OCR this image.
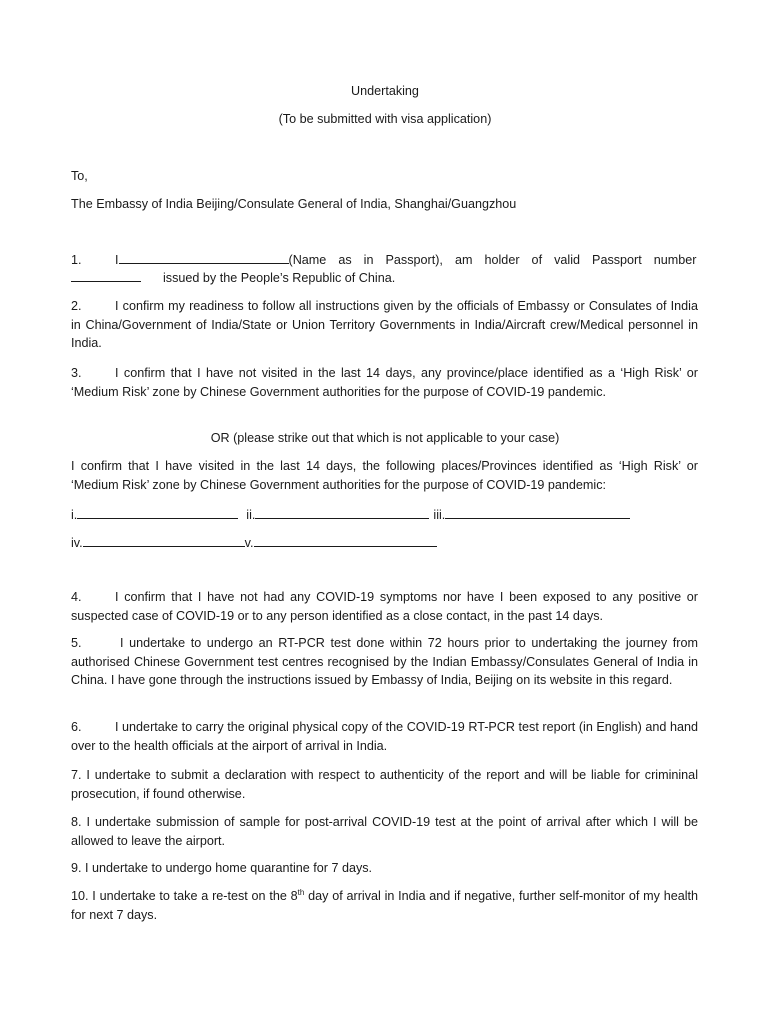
Undertaking
(To be submitted with visa application)
To,
The Embassy of India Beijing/Consulate General of India, Shanghai/Guangzhou
1.	I	(Name as in Passport), am holder of valid Passport number
issued by the People’s Republic of China.
2.	I confirm my readiness to follow all instructions given by the officials of Embassy or Consulates of India in China/Government of India/State or Union Territory Governments in India/Aircraft crew/Medical personnel in India.
3.	I confirm that I have not visited in the last 14 days, any province/place identified as a ‘High Risk’ or ‘Medium Risk’ zone by Chinese Government authorities for the purpose of COVID-19 pandemic.
OR (please strike out that which is not applicable to your case)
I confirm that I have visited in the last 14 days, the following places/Provinces identified as ‘High Risk’ or ‘Medium Risk’ zone by Chinese Government authorities for the purpose of COVID-19 pandemic:
i.	ii.	iii.
iv.	v.
4.	I confirm that I have not had any COVID-19 symptoms nor have I been exposed to any positive or suspected case of COVID-19 or to any person identified as a close contact, in the past 14 days.
5.	I undertake to undergo an RT-PCR test done within 72 hours prior to undertaking the journey from authorised Chinese Government test centres recognised by the Indian Embassy/Consulates General of India in China. I have gone through the instructions issued by Embassy of India, Beijing on its website in this regard.
6.	I undertake to carry the original physical copy of the COVID-19 RT-PCR test report (in English) and hand over to the health officials at the airport of arrival in India.
7. I undertake to submit a declaration with respect to authenticity of the report and will be liable for crimininal prosecution, if found otherwise.
8. I undertake submission of sample for post-arrival COVID-19 test at the point of arrival after which I will be allowed to leave the airport.
9. I undertake to undergo home quarantine for 7 days.
10. I undertake to take a re-test on the 8th day of arrival in India and if negative, further self-monitor of my health for next 7 days.
